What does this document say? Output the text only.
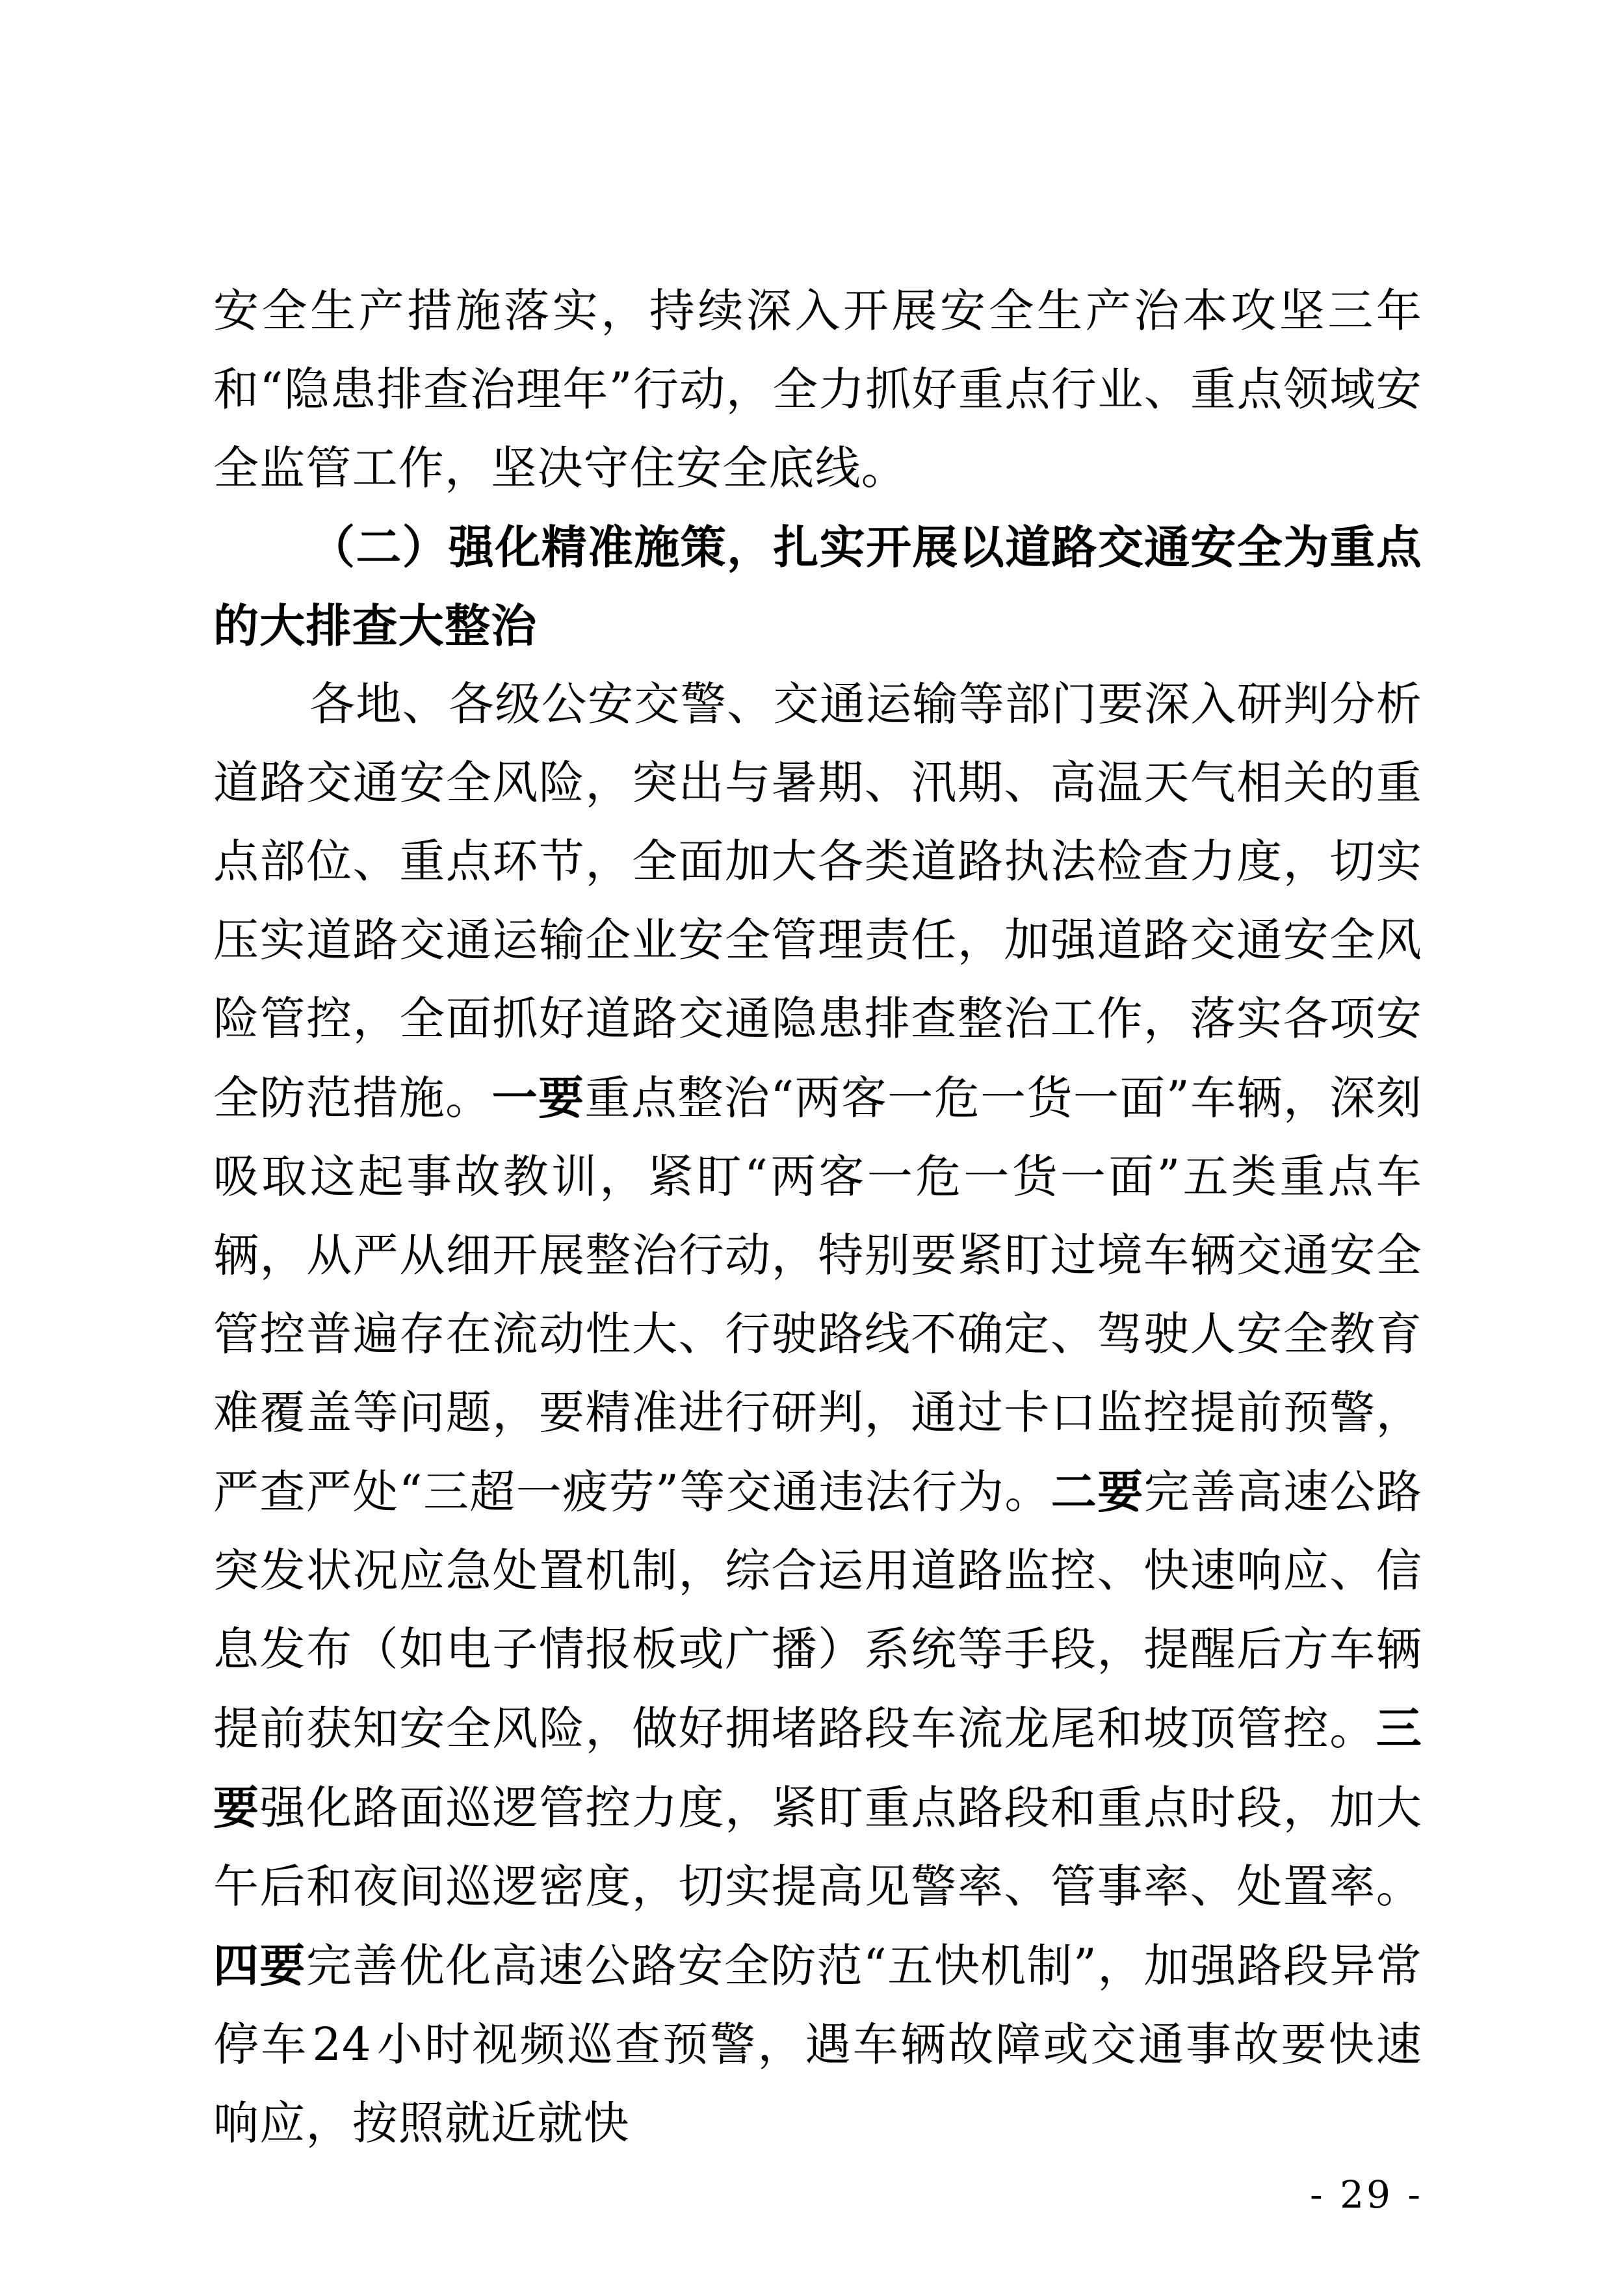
安全生产措施落实，持续深入开展安全生产治本攻坚三年和“隐患排查治理年”行动，全力抓好重点行业、重点领域安全监管工作，坚决守住安全底线。

（二）强化精准施策，扎实开展以道路交通安全为重点的大排查大整治

各地、各级公安交警、交通运输等部门要深入研判分析道路交通安全风险，突出与暑期、汛期、高温天气相关的重点部位、重点环节，全面加大各类道路执法检查力度，切实压实道路交通运输企业安全管理责任，加强道路交通安全风险管控，全面抓好道路交通隐患排查整治工作，落实各项安全防范措施。一要重点整治“两客一危一货一面”车辆，深刻吸取这起事故教训，紧盯“两客一危一货一面”五类重点车辆，从严从细开展整治行动，特别要紧盯过境车辆交通安全管控普遍存在流动性大、行驶路线不确定、驾驶人安全教育难覆盖等问题，要精准进行研判，通过卡口监控提前预警，严查严处“三超一疲劳”等交通违法行为。二要完善高速公路突发状况应急处置机制，综合运用道路监控、快速响应、信息发布（如电子情报板或广播）系统等手段，提醒后方车辆提前获知安全风险，做好拥堵路段车流龙尾和坡顶管控。三要强化路面巡逻管控力度，紧盯重点路段和重点时段，加大午后和夜间巡逻密度，切实提高见警率、管事率、处置率。四要完善优化高速公路安全防范“五快机制”，加强路段异常停车24小时视频巡查预警，遇车辆故障或交通事故要快速响应，按照就近就快

- 29 -
